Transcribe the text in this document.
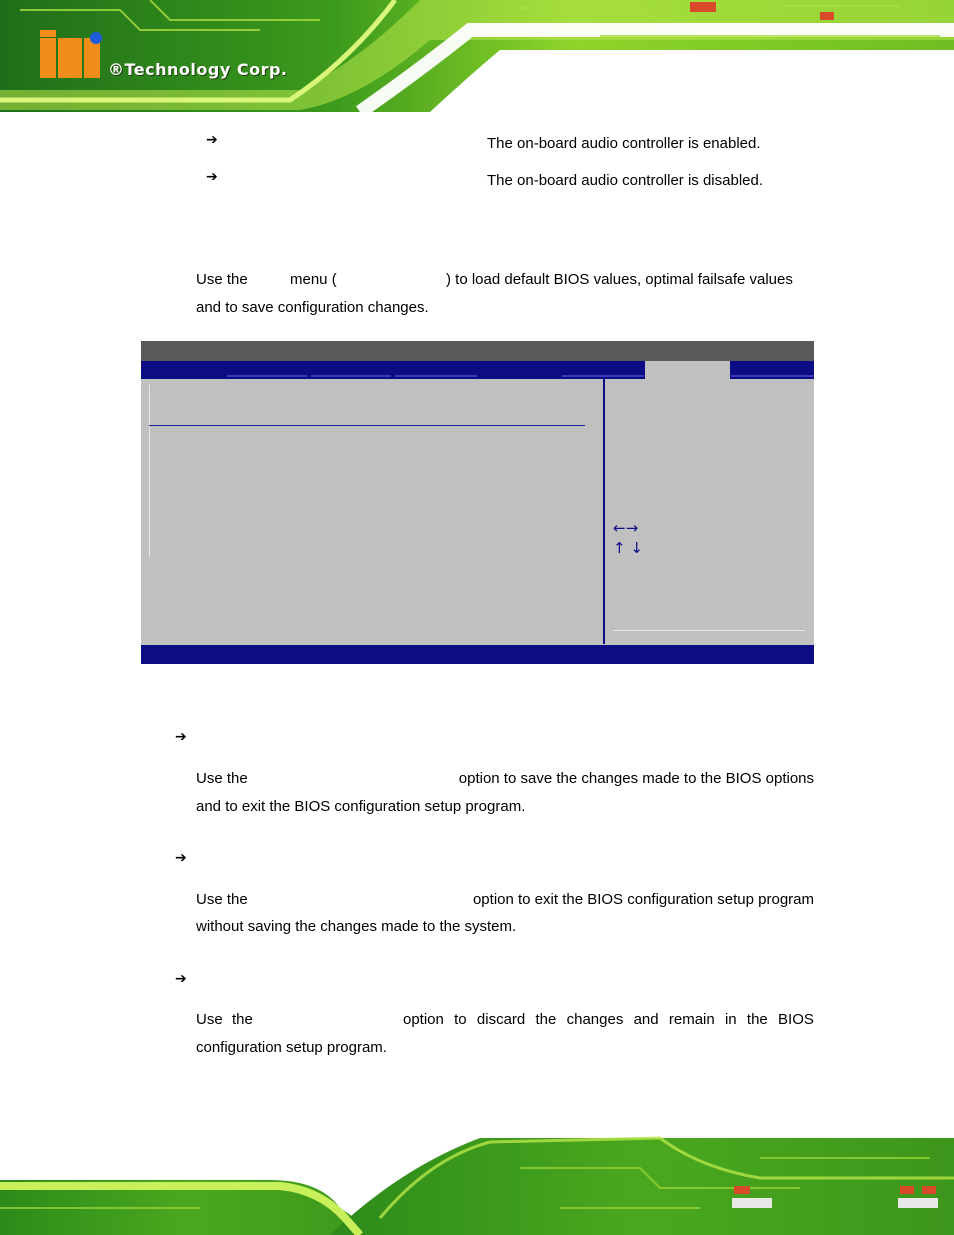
®Technology Corp.
➔	The on-board audio controller is enabled.
➔	The on-board audio controller is disabled.
Use the	menu (	) to load default BIOS values, optimal failsafe values
and to save configuration changes.
←→
↑ ↓
➔
Use the	option to save the changes made to the BIOS options
and to exit the BIOS configuration setup program.
➔
Use the	option to exit the BIOS configuration setup program
without saving the changes made to the system.
➔
Use the	option to discard the changes and remain in the BIOS
configuration setup program.
